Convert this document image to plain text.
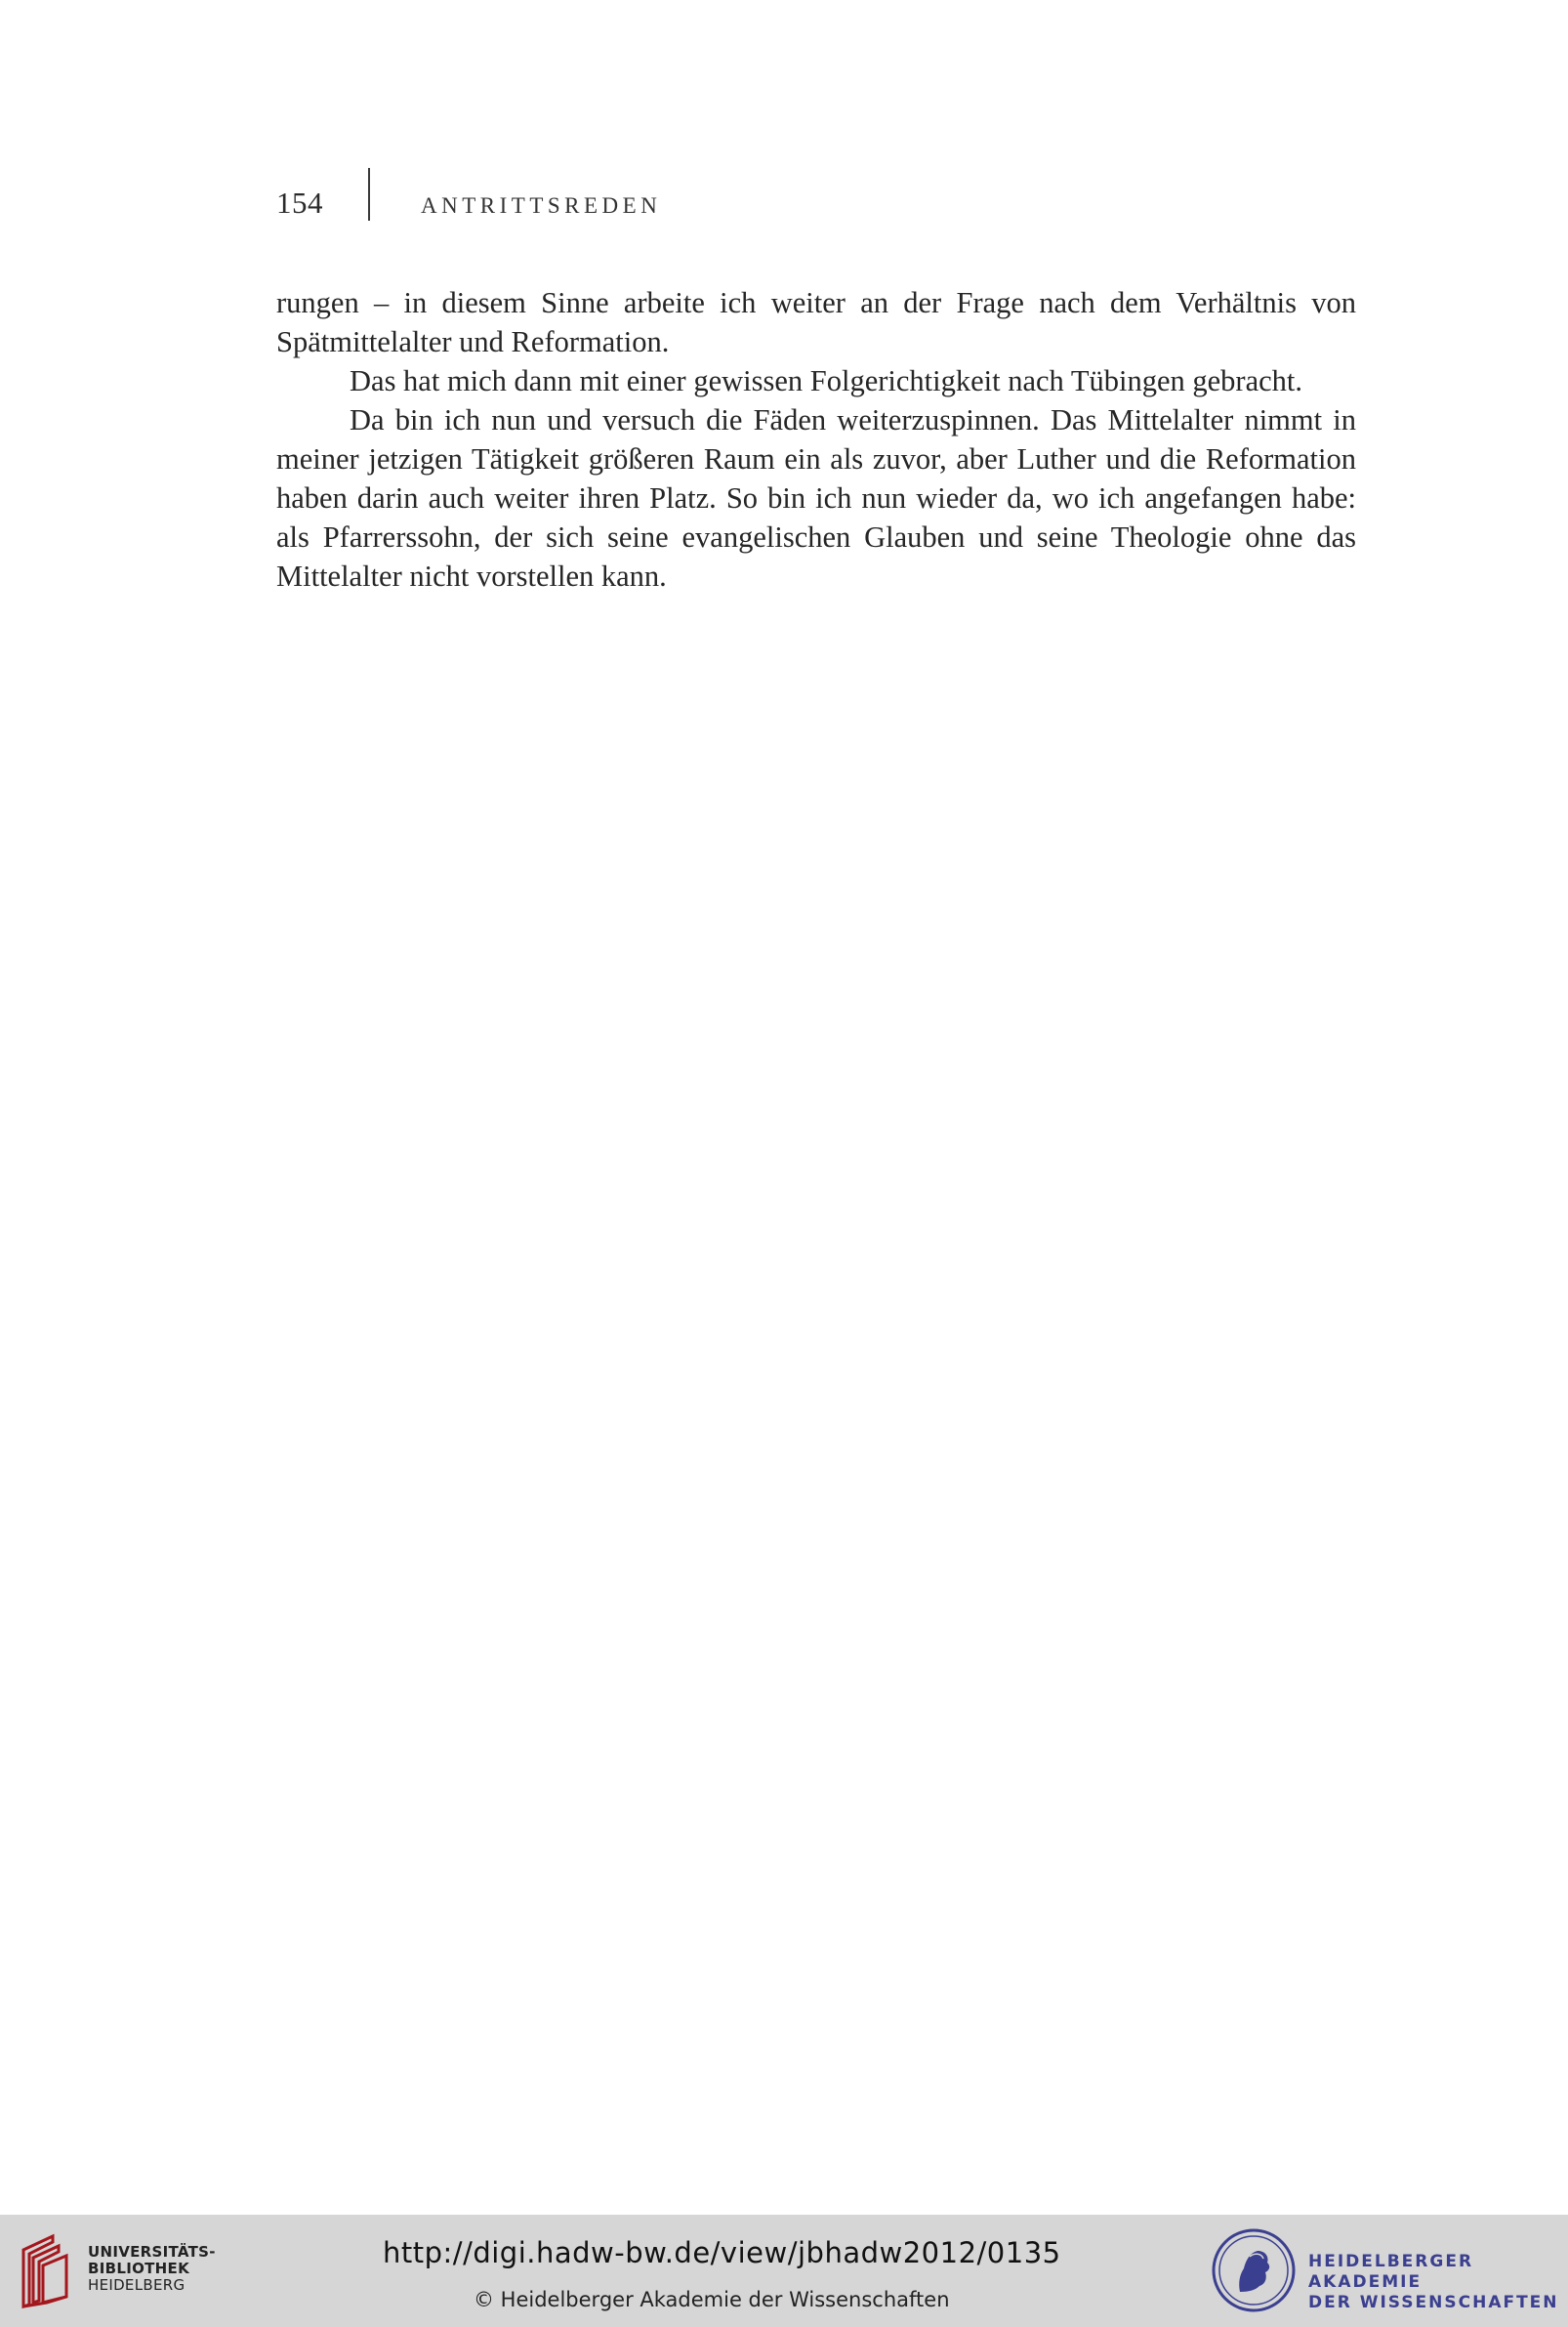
154	ANTRITTSREDEN

rungen – in diesem Sinne arbeite ich weiter an der Frage nach dem Verhältnis von Spätmittelalter und Reformation.

Das hat mich dann mit einer gewissen Folgerichtigkeit nach Tübingen gebracht.

Da bin ich nun und versuch die Fäden weiterzuspinnen. Das Mittelalter nimmt in meiner jetzigen Tätigkeit größeren Raum ein als zuvor, aber Luther und die Reformation haben darin auch weiter ihren Platz. So bin ich nun wieder da, wo ich angefangen habe: als Pfarrerssohn, der sich seine evangelischen Glauben und seine Theologie ohne das Mittelalter nicht vorstellen kann.

UNIVERSITÄTS-
BIBLIOTHEK
HEIDELBERG
http://digi.hadw-bw.de/view/jbhadw2012/0135
© Heidelberger Akademie der Wissenschaften
HEIDELBERGER AKADEMIE
DER WISSENSCHAFTEN
